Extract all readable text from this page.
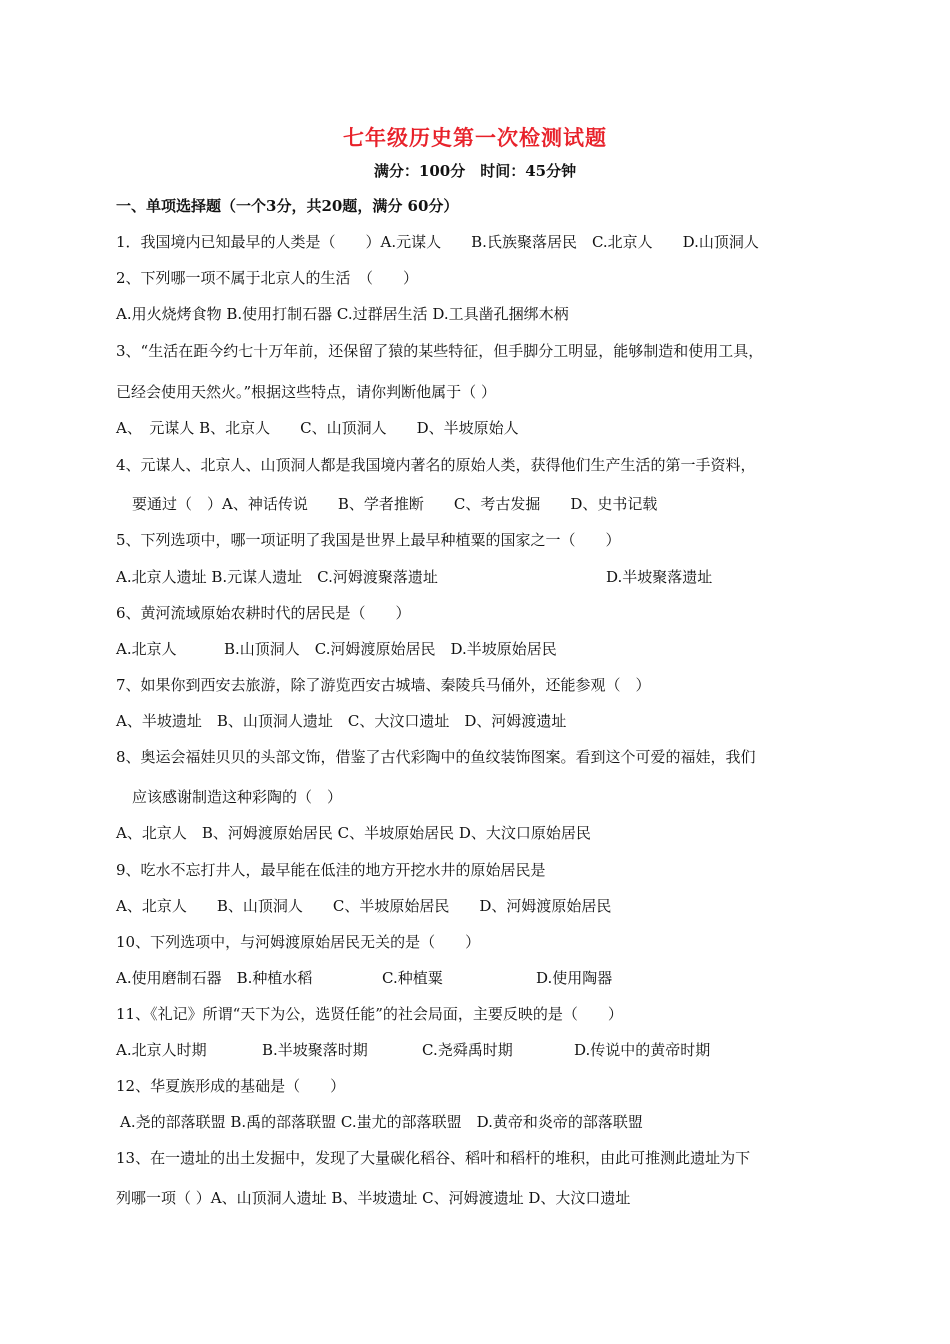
七年级历史第一次检测试题
满分：100分　时间：45分钟
一、单项选择题（一个3分，共20题，满分 60分）
1．我国境内已知最早的人类是（　　）A.元谋人　　B.氏族聚落居民　C.北京人　　D.山顶洞人
2、下列哪一项不属于北京人的生活　（　　）
A.用火烧烤食物 B.使用打制石器 C.过群居生活 D.工具凿孔捆绑木柄
3、“生活在距今约七十万年前，还保留了猿的某些特征，但手脚分工明显，能够制造和使用工具，
已经会使用天然火。”根据这些特点，请你判断他属于（ ）
A、　元谋人 B、北京人　　C、山顶洞人　　D、半坡原始人
4、元谋人、北京人、山顶洞人都是我国境内著名的原始人类，获得他们生产生活的第一手资料，
要通过（　）A、神话传说　　B、学者推断　　C、考古发掘　　D、史书记载
5、下列选项中，哪一项证明了我国是世界上最早种植粟的国家之一（　　）
A.北京人遗址 B.元谋人遗址　C.河姆渡聚落遗址	D.半坡聚落遗址
6、黄河流域原始农耕时代的居民是（　　）
A.北京人	B.山顶洞人　C.河姆渡原始居民　D.半坡原始居民
7、如果你到西安去旅游，除了游览西安古城墙、秦陵兵马俑外，还能参观（　）
A、半坡遗址　B、山顶洞人遗址　C、大汶口遗址　D、河姆渡遗址
8、奥运会福娃贝贝的头部文饰，借鉴了古代彩陶中的鱼纹装饰图案。看到这个可爱的福娃，我们
应该感谢制造这种彩陶的（　）
A、北京人　B、河姆渡原始居民 C、半坡原始居民 D、大汶口原始居民
9、吃水不忘打井人，最早能在低洼的地方开挖水井的原始居民是
A、北京人　　B、山顶洞人　　C、半坡原始居民　　D、河姆渡原始居民
10、下列选项中，与河姆渡原始居民无关的是（　　）
A.使用磨制石器　B.种植水稻	C.种植粟	D.使用陶器
11、《礼记》所谓“天下为公，选贤任能”的社会局面，主要反映的是（　　）
A.北京人时期	B.半坡聚落时期	C.尧舜禹时期	D.传说中的黄帝时期
12、华夏族形成的基础是（　　）
A.尧的部落联盟 B.禹的部落联盟 C.蚩尤的部落联盟　D.黄帝和炎帝的部落联盟
13、在一遗址的出土发掘中，发现了大量碳化稻谷、稻叶和稻杆的堆积，由此可推测此遗址为下
列哪一项（ ）A、山顶洞人遗址 B、半坡遗址 C、河姆渡遗址 D、大汶口遗址
